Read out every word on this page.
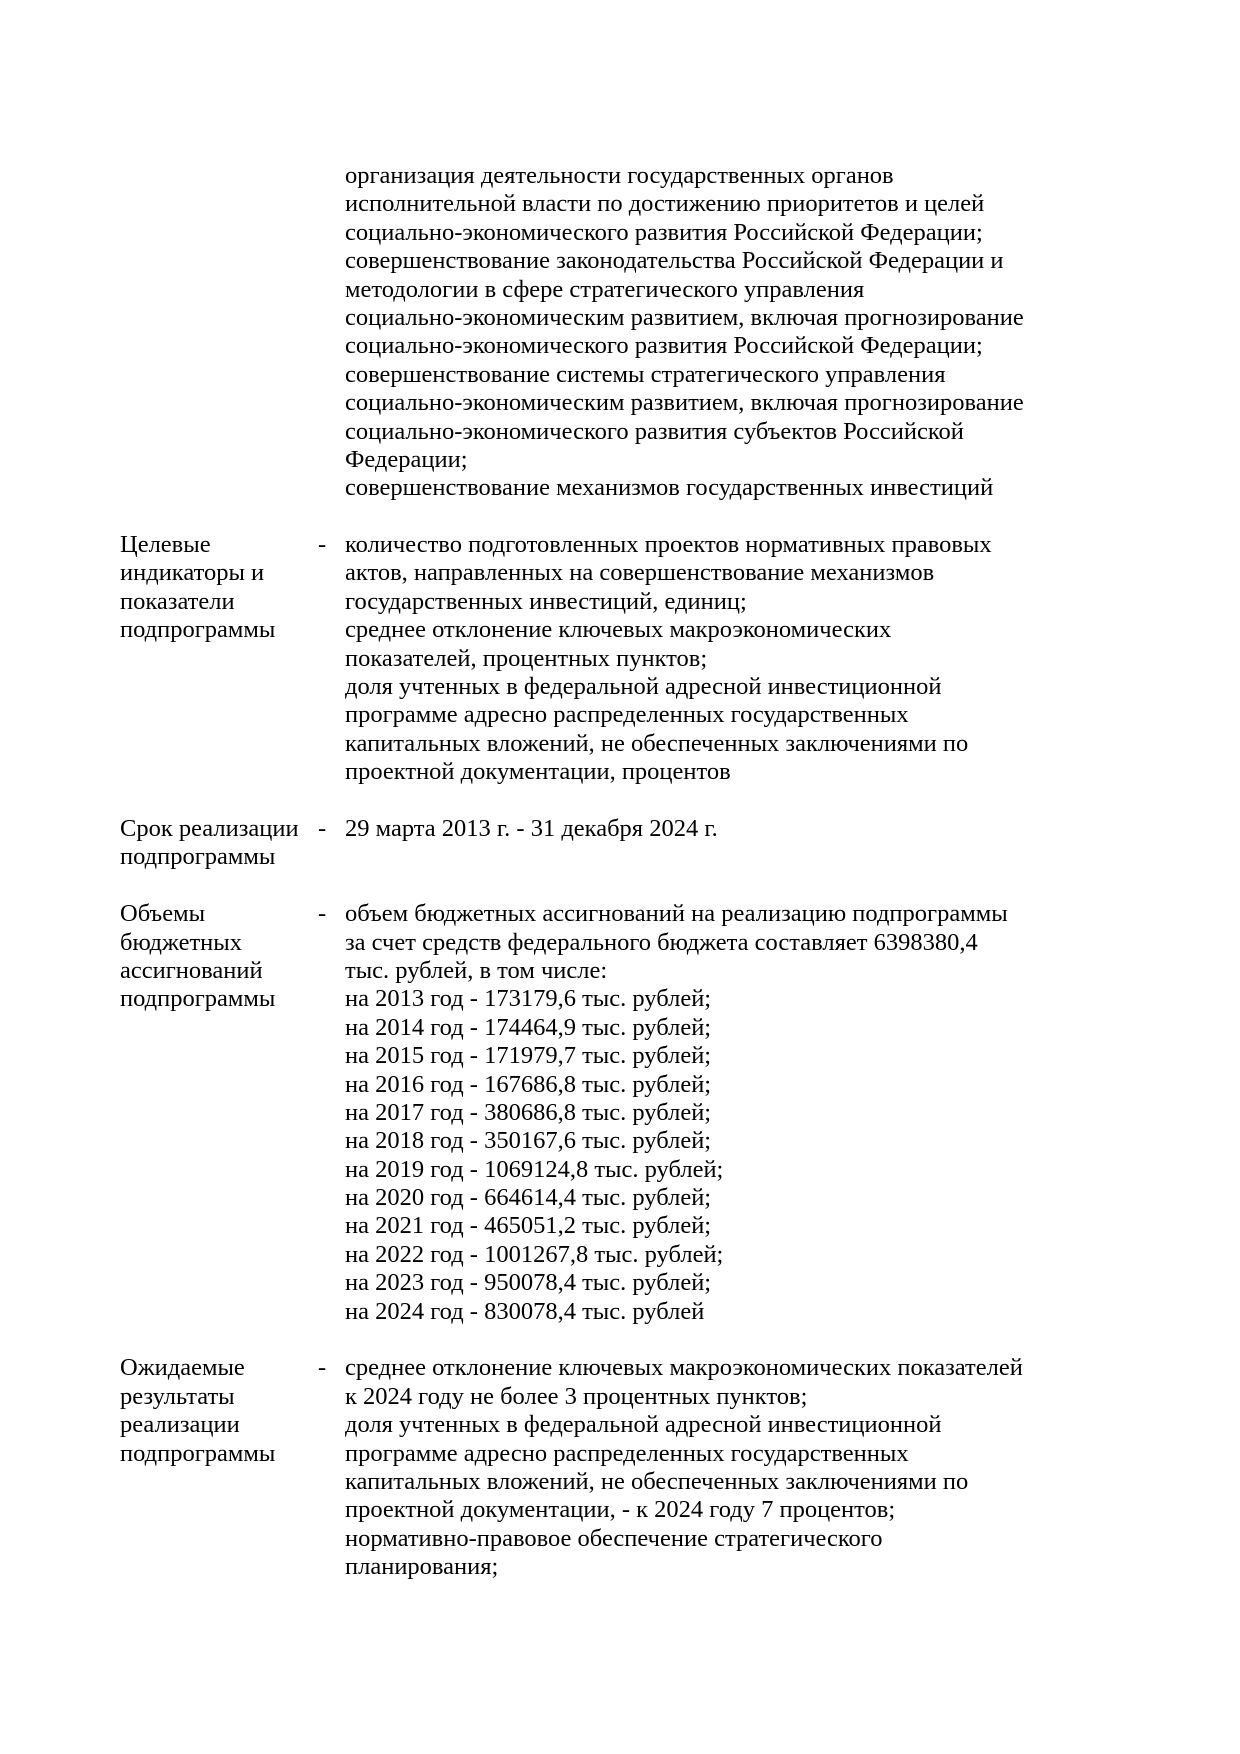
организация деятельности государственных органов
исполнительной власти по достижению приоритетов и целей
социально-экономического развития Российской Федерации;
совершенствование законодательства Российской Федерации и
методологии в сфере стратегического управления
социально-экономическим развитием, включая прогнозирование
социально-экономического развития Российской Федерации;
совершенствование системы стратегического управления
социально-экономическим развитием, включая прогнозирование
социально-экономического развития субъектов Российской
Федерации;
совершенствование механизмов государственных инвестиций
Целевые
индикаторы и
показатели
подпрограммы
- количество подготовленных проектов нормативных правовых
актов, направленных на совершенствование механизмов
государственных инвестиций, единиц;
среднее отклонение ключевых макроэкономических
показателей, процентных пунктов;
доля учтенных в федеральной адресной инвестиционной
программе адресно распределенных государственных
капитальных вложений, не обеспеченных заключениями по
проектной документации, процентов
Срок реализации
подпрограммы
- 29 марта 2013 г. - 31 декабря 2024 г.
Объемы
бюджетных
ассигнований
подпрограммы
- объем бюджетных ассигнований на реализацию подпрограммы
за счет средств федерального бюджета составляет 6398380,4
тыс. рублей, в том числе:
на 2013 год - 173179,6 тыс. рублей;
на 2014 год - 174464,9 тыс. рублей;
на 2015 год - 171979,7 тыс. рублей;
на 2016 год - 167686,8 тыс. рублей;
на 2017 год - 380686,8 тыс. рублей;
на 2018 год - 350167,6 тыс. рублей;
на 2019 год - 1069124,8 тыс. рублей;
на 2020 год - 664614,4 тыс. рублей;
на 2021 год - 465051,2 тыс. рублей;
на 2022 год - 1001267,8 тыс. рублей;
на 2023 год - 950078,4 тыс. рублей;
на 2024 год - 830078,4 тыс. рублей
Ожидаемые
результаты
реализации
подпрограммы
- среднее отклонение ключевых макроэкономических показателей
к 2024 году не более 3 процентных пунктов;
доля учтенных в федеральной адресной инвестиционной
программе адресно распределенных государственных
капитальных вложений, не обеспеченных заключениями по
проектной документации, - к 2024 году 7 процентов;
нормативно-правовое обеспечение стратегического
планирования;
